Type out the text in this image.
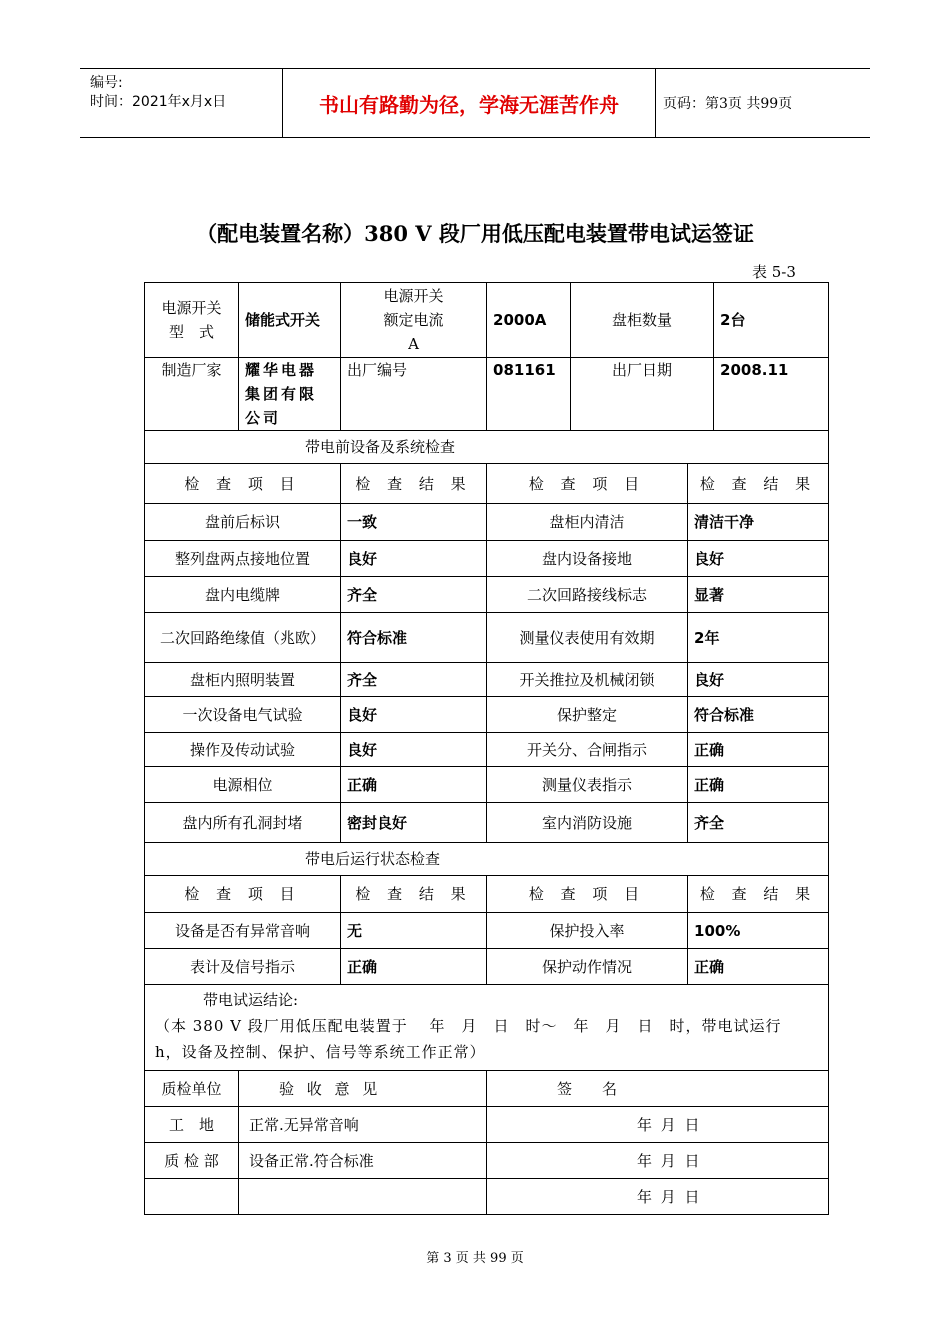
编号:
时间：2021年x月x日	书山有路勤为径，学海无涯苦作舟	页码：第3页 共99页
（配电装置名称）380 V 段厂用低压配电装置带电试运签证
表 5-3
电源开关
型　式	储能式开关	电源开关
额定电流
A	2000A	盘柜数量		2台
制造厂家	耀华电器集团有限公司	出厂编号	081161	出厂日期		2008.11
带电前设备及系统检查						
检 查 项 目		检 查 结 果	检 查 项 目		检 查 结 果	
盘前后标识		一致	盘柜内清洁		清洁干净	
整列盘两点接地位置		良好	盘内设备接地		良好	
盘内电缆牌		齐全	二次回路接线标志		显著	
二次回路绝缘值（兆欧）		符合标准	测量仪表使用有效期		2年	
盘柜内照明装置		齐全	开关推拉及机械闭锁		良好	
一次设备电气试验		良好	保护整定		符合标准	
操作及传动试验		良好	开关分、合闸指示		正确	
电源相位		正确	测量仪表指示		正确	
盘内所有孔洞封堵		密封良好	室内消防设施		齐全	
带电后运行状态检查						
检 查 项 目		检 查 结 果	检 查 项 目		检 查 结 果	
设备是否有异常音响		无	保护投入率		100%	
表计及信号指示		正确	保护动作情况		正确	

带电试运结论:
（本 380 V 段厂用低压配电装置于　 年　月　日　时～　年　月　日　时，带电试运行　h，设备及控制、保护、信号等系统工作正常）						

质检单位	验 收 意 见		签　　名			
工　地	正常.无异常音响		年 月 日			
质 检 部	设备正常.符合标准		年 月 日			
			年 月 日			
第 3 页 共 99 页
